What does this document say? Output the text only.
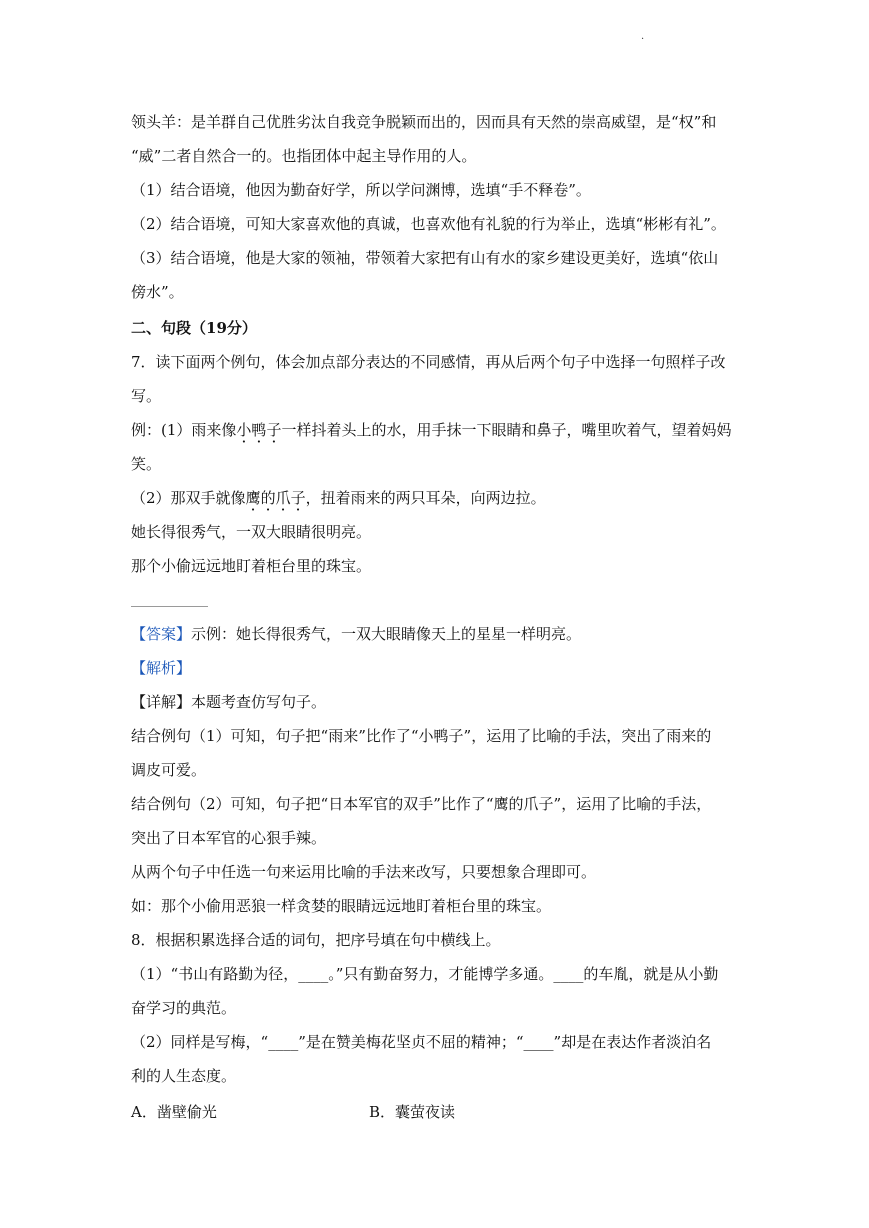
·
领头羊：是羊群自己优胜劣汰自我竞争脱颖而出的，因而具有天然的崇高威望，是“权”和
“威”二者自然合一的。也指团体中起主导作用的人。
（1）结合语境，他因为勤奋好学，所以学问渊博，选填“手不释卷”。
（2）结合语境，可知大家喜欢他的真诚，也喜欢他有礼貌的行为举止，选填“彬彬有礼”。
（3）结合语境，他是大家的领袖，带领着大家把有山有水的家乡建设更美好，选填“依山
傍水”。
二、句段（19分）
7．读下面两个例句，体会加点部分表达的不同感情，再从后两个句子中选择一句照样子改
写。
例：(1）雨来像小鸭子一样抖着头上的水，用手抹一下眼睛和鼻子，嘴里吹着气，望着妈妈
笑。
（2）那双手就像鹰的爪子，扭着雨来的两只耳朵，向两边拉。
她长得很秀气，一双大眼睛很明亮。
那个小偷远远地盯着柜台里的珠宝。
【答案】示例：她长得很秀气，一双大眼睛像天上的星星一样明亮。
【解析】
【详解】本题考查仿写句子。
结合例句（1）可知，句子把“雨来”比作了“小鸭子”，运用了比喻的手法，突出了雨来的
调皮可爱。
结合例句（2）可知，句子把“日本军官的双手”比作了“鹰的爪子”，运用了比喻的手法，
突出了日本军官的心狠手辣。
从两个句子中任选一句来运用比喻的手法来改写，只要想象合理即可。
如：那个小偷用恶狼一样贪婪的眼睛远远地盯着柜台里的珠宝。
8．根据积累选择合适的词句，把序号填在句中横线上。
（1）“书山有路勤为径，____。”只有勤奋努力，才能博学多通。____的车胤，就是从小勤
奋学习的典范。
（2）同样是写梅，“____”是在赞美梅花坚贞不屈的精神；“____”却是在表达作者淡泊名
利的人生态度。
A．凿壁偷光	B．囊萤夜读
